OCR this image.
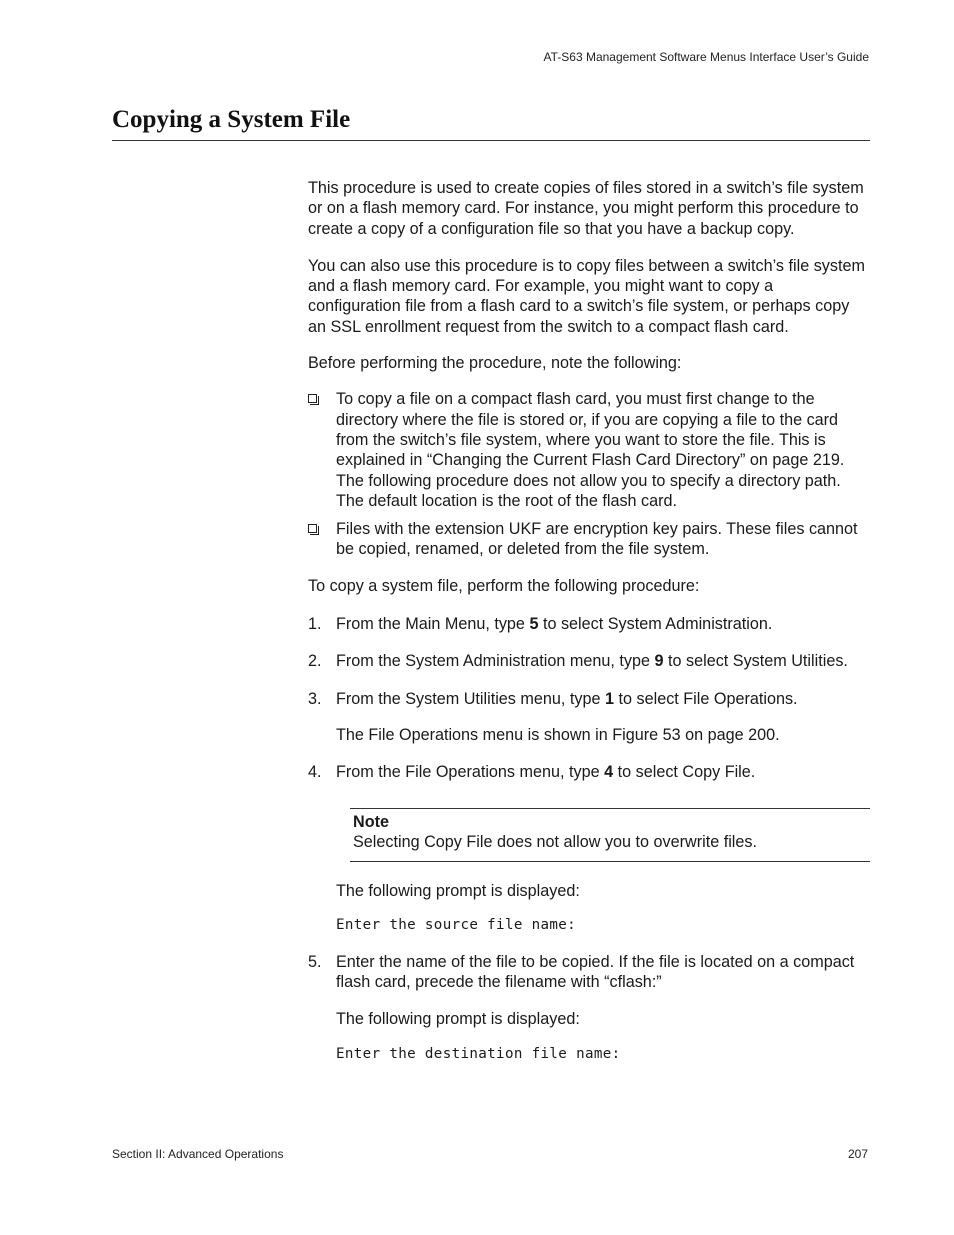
AT-S63 Management Software Menus Interface User’s Guide
Copying a System File

This procedure is used to create copies of files stored in a switch’s file system or on a flash memory card. For instance, you might perform this procedure to create a copy of a configuration file so that you have a backup copy.

You can also use this procedure is to copy files between a switch’s file system and a flash memory card. For example, you might want to copy a configuration file from a flash card to a switch’s file system, or perhaps copy an SSL enrollment request from the switch to a compact flash card.

Before performing the procedure, note the following:

To copy a file on a compact flash card, you must first change to the directory where the file is stored or, if you are copying a file to the card from the switch’s file system, where you want to store the file. This is explained in “Changing the Current Flash Card Directory” on page 219. The following procedure does not allow you to specify a directory path. The default location is the root of the flash card.
Files with the extension UKF are encryption key pairs. These files cannot be copied, renamed, or deleted from the file system.

To copy a system file, perform the following procedure:

1. From the Main Menu, type 5 to select System Administration.
2. From the System Administration menu, type 9 to select System Utilities.
3. From the System Utilities menu, type 1 to select File Operations.

The File Operations menu is shown in Figure 53 on page 200.

4. From the File Operations menu, type 4 to select Copy File.
Note
Selecting Copy File does not allow you to overwrite files.

The following prompt is displayed:

Enter the source file name:

5. Enter the name of the file to be copied. If the file is located on a compact flash card, precede the filename with “cflash:”

The following prompt is displayed:

Enter the destination file name:

Section II: Advanced Operations	207
